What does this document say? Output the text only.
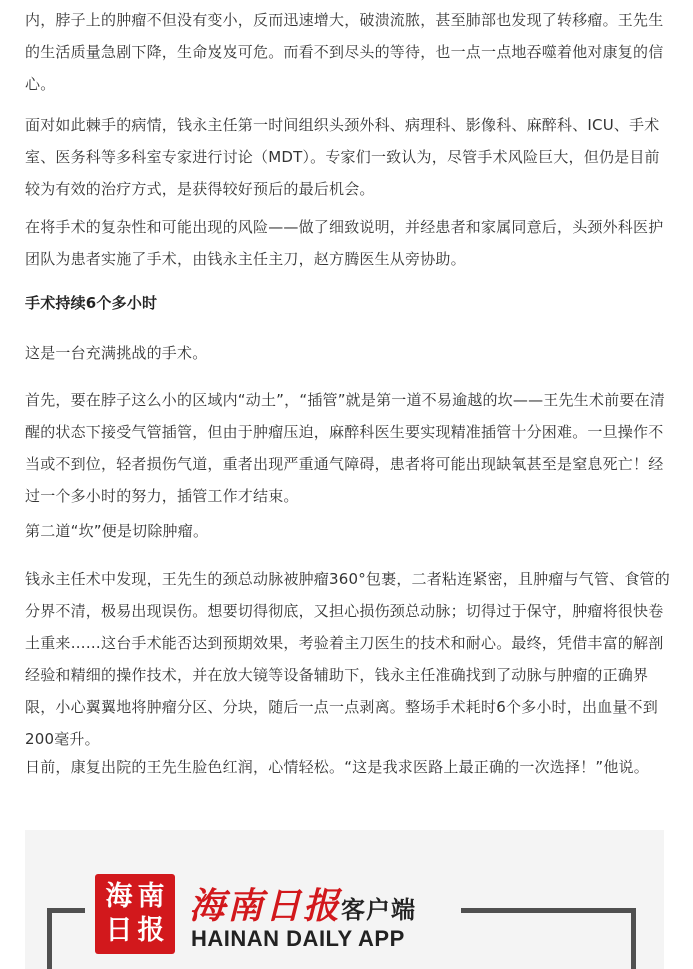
内，脖子上的肿瘤不但没有变小，反而迅速增大，破溃流脓，甚至肺部也发现了转移瘤。王先生的生活质量急剧下降，生命岌岌可危。而看不到尽头的等待，也一点一点地吞噬着他对康复的信心。

面对如此棘手的病情，钱永主任第一时间组织头颈外科、病理科、影像科、麻醉科、ICU、手术室、医务科等多科室专家进行讨论（MDT）。专家们一致认为，尽管手术风险巨大，但仍是目前较为有效的治疗方式，是获得较好预后的最后机会。

在将手术的复杂性和可能出现的风险——做了细致说明，并经患者和家属同意后，头颈外科医护团队为患者实施了手术，由钱永主任主刀，赵方腾医生从旁协助。

手术持续6个多小时

这是一台充满挑战的手术。

首先，要在脖子这么小的区域内“动土”，“插管”就是第一道不易逾越的坎——王先生术前要在清醒的状态下接受气管插管，但由于肿瘤压迫，麻醉科医生要实现精准插管十分困难。一旦操作不当或不到位，轻者损伤气道，重者出现严重通气障碍，患者将可能出现缺氧甚至是窒息死亡！经过一个多小时的努力，插管工作才结束。

第二道“坎”便是切除肿瘤。

钱永主任术中发现，王先生的颈总动脉被肿瘤360°包裹，二者粘连紧密，且肿瘤与气管、食管的分界不清，极易出现误伤。想要切得彻底，又担心损伤颈总动脉；切得过于保守，肿瘤将很快卷土重来……这台手术能否达到预期效果，考验着主刀医生的技术和耐心。最终，凭借丰富的解剖经验和精细的操作技术，并在放大镜等设备辅助下，钱永主任准确找到了动脉与肿瘤的正确界限，小心翼翼地将肿瘤分区、分块，随后一点一点剥离。整场手术耗时6个多小时，出血量不到200毫升。

日前，康复出院的王先生脸色红润，心情轻松。“这是我求医路上最正确的一次选择！”他说。

海 南
日 报
海南日报客户端
HAINAN DAILY APP
